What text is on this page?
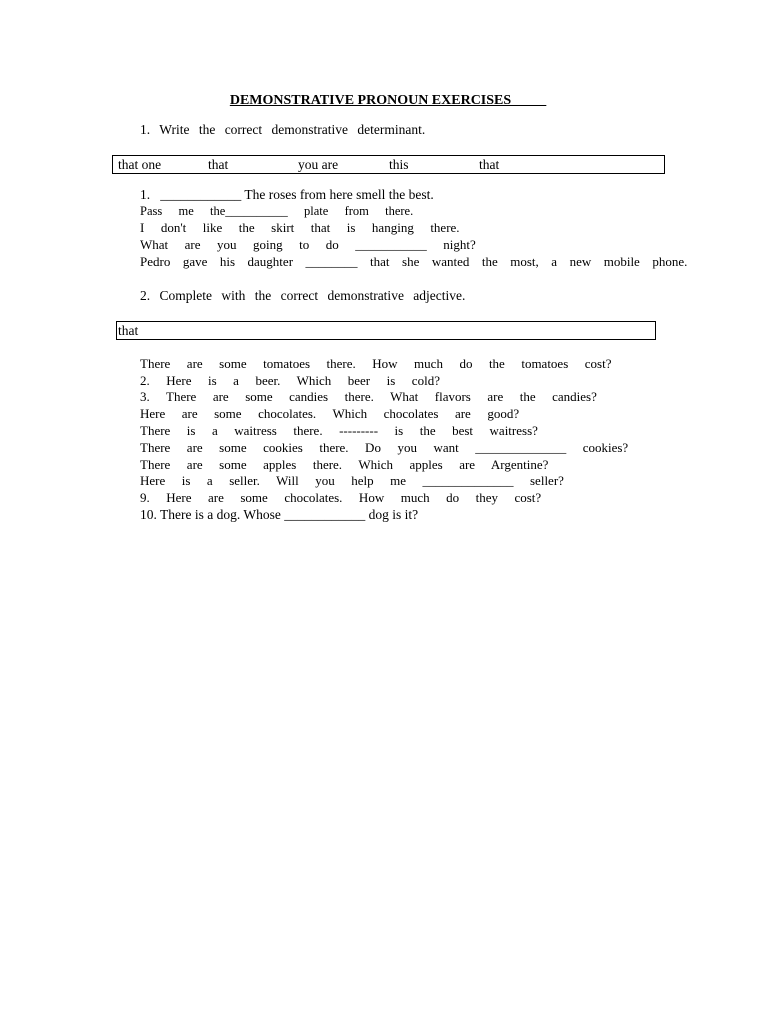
DEMONSTRATIVE PRONOUN EXERCISES_____
1. Write the correct demonstrative determinant.
that one	that	you are	this	that
1.   ____________ The roses from here smell the best.
Pass  me  the__________  plate  from  there.
I  don't  like  the  skirt  that  is  hanging  there.
What  are  you  going  to  do  ___________  night?
Pedro  gave  his  daughter  ________  that  she  wanted  the  most,  a  new  mobile  phone.
2. Complete with the correct demonstrative adjective.
that
There  are  some  tomatoes  there.  How  much  do  the  tomatoes  cost?
2.  Here  is  a  beer.  Which  beer  is  cold?
3.  There  are  some  candies  there.  What  flavors  are  the  candies?
Here  are  some  chocolates.  Which  chocolates  are  good?
There  is  a  waitress  there.  ---------  is  the  best  waitress?
There  are  some  cookies  there.  Do  you  want  ______________  cookies?
There  are  some  apples  there.  Which  apples  are  Argentine?
Here  is  a  seller.  Will  you  help  me  ______________  seller?
9.  Here  are  some  chocolates.  How  much  do  they  cost?
10. There is a dog. Whose ____________ dog is it?
